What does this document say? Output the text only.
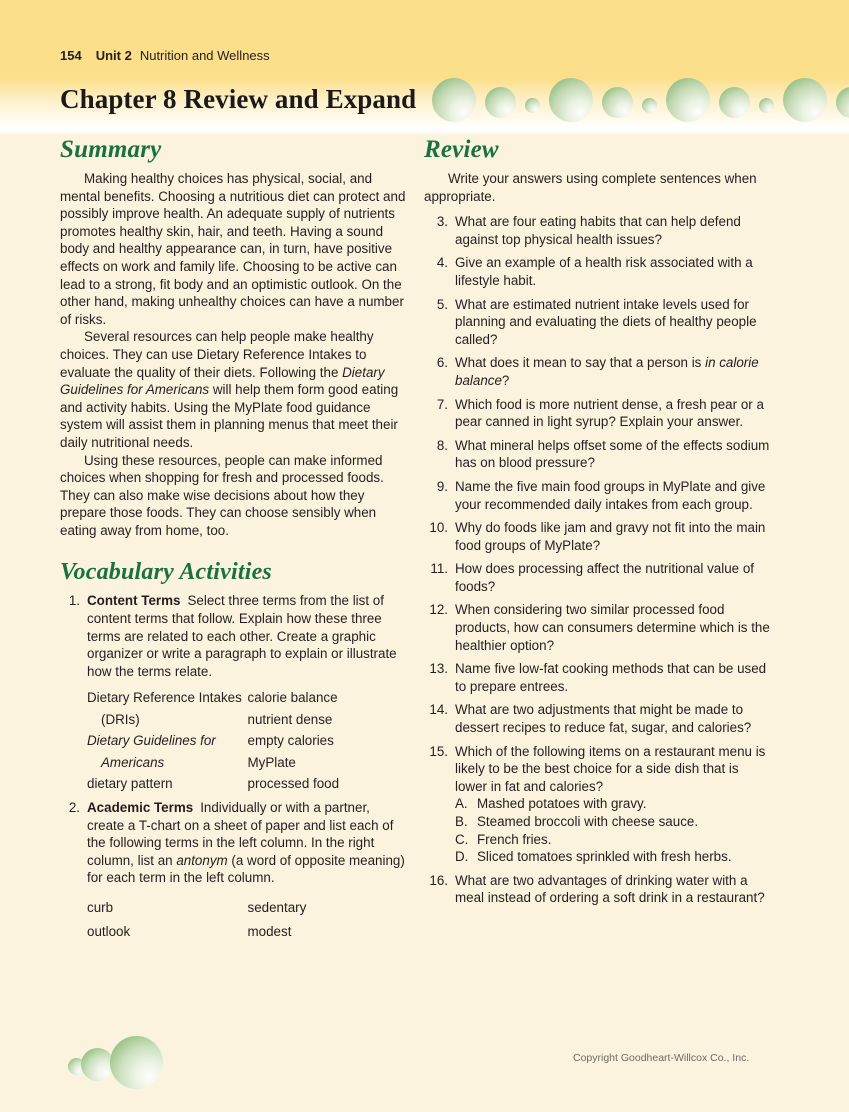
154 Unit 2 Nutrition and Wellness
Chapter 8 Review and Expand
Summary

Making healthy choices has physical, social, and mental benefits. Choosing a nutritious diet can protect and possibly improve health. An adequate supply of nutrients promotes healthy skin, hair, and teeth. Having a sound body and healthy appearance can, in turn, have positive effects on work and family life. Choosing to be active can lead to a strong, fit body and an optimistic outlook. On the other hand, making unhealthy choices can have a number of risks.

Several resources can help people make healthy choices. They can use Dietary Reference Intakes to evaluate the quality of their diets. Following the Dietary Guidelines for Americans will help them form good eating and activity habits. Using the MyPlate food guidance system will assist them in planning menus that meet their daily nutritional needs.

Using these resources, people can make informed choices when shopping for fresh and processed foods. They can also make wise decisions about how they prepare those foods. They can choose sensibly when eating away from home, too.

Vocabulary Activities
1. Content Terms Select three terms from the list of content terms that follow. Explain how these three terms are related to each other. Create a graphic organizer or write a paragraph to explain or illustrate how the terms relate.
Dietary Reference Intakes (DRIs)
Dietary Guidelines for Americans
dietary pattern
calorie balance
nutrient dense
empty calories
MyPlate
processed food
2. Academic Terms Individually or with a partner, create a T-chart on a sheet of paper and list each of the following terms in the left column. In the right column, list an antonym (a word of opposite meaning) for each term in the left column.
curb
outlook
sedentary
modest
Review

Write your answers using complete sentences when appropriate.

3. What are four eating habits that can help defend against top physical health issues?
4. Give an example of a health risk associated with a lifestyle habit.
5. What are estimated nutrient intake levels used for planning and evaluating the diets of healthy people called?
6. What does it mean to say that a person is in calorie balance?
7. Which food is more nutrient dense, a fresh pear or a pear canned in light syrup? Explain your answer.
8. What mineral helps offset some of the effects sodium has on blood pressure?
9. Name the five main food groups in MyPlate and give your recommended daily intakes from each group.
10. Why do foods like jam and gravy not fit into the main food groups of MyPlate?
11. How does processing affect the nutritional value of foods?
12. When considering two similar processed food products, how can consumers determine which is the healthier option?
13. Name five low-fat cooking methods that can be used to prepare entrees.
14. What are two adjustments that might be made to dessert recipes to reduce fat, sugar, and calories?
15. Which of the following items on a restaurant menu is likely to be the best choice for a side dish that is lower in fat and calories?
A. Mashed potatoes with gravy.
B. Steamed broccoli with cheese sauce.
C. French fries.
D. Sliced tomatoes sprinkled with fresh herbs.
16. What are two advantages of drinking water with a meal instead of ordering a soft drink in a restaurant?
Copyright Goodheart-Willcox Co., Inc.
